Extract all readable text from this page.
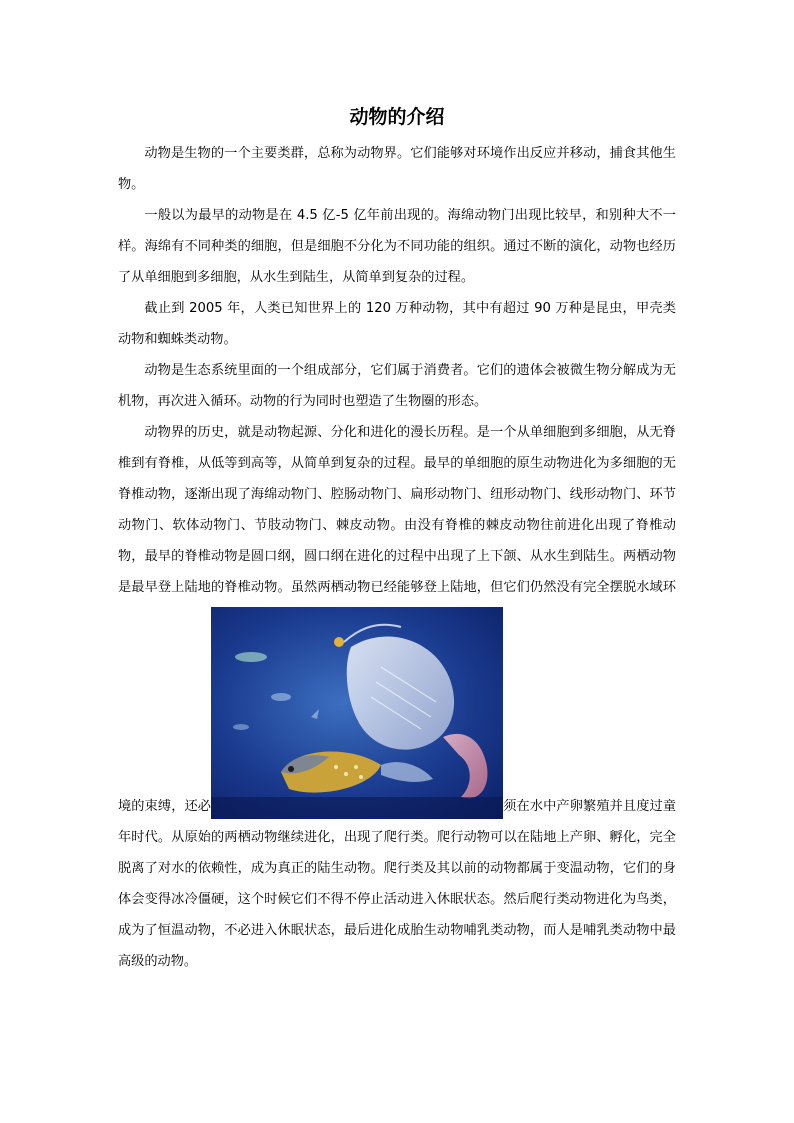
动物的介绍

动物是生物的一个主要类群，总称为动物界。它们能够对环境作出反应并移动，捕食其他生物。

一般以为最早的动物是在 4.5 亿-5 亿年前出现的。海绵动物门出现比较早，和别种大不一样。海绵有不同种类的细胞，但是细胞不分化为不同功能的组织。通过不断的演化，动物也经历了从单细胞到多细胞，从水生到陆生，从简单到复杂的过程。

截止到 2005 年，人类已知世界上的 120 万种动物，其中有超过 90 万种是昆虫，甲壳类动物和蜘蛛类动物。

动物是生态系统里面的一个组成部分，它们属于消费者。它们的遗体会被微生物分解成为无机物，再次进入循环。动物的行为同时也塑造了生物圈的形态。

动物界的历史，就是动物起源、分化和进化的漫长历程。是一个从单细胞到多细胞，从无脊椎到有脊椎，从低等到高等，从简单到复杂的过程。最早的单细胞的原生动物进化为多细胞的无脊椎动物，逐渐出现了海绵动物门、腔肠动物门、扁形动物门、纽形动物门、线形动物门、环节动物门、软体动物门、节肢动物门、棘皮动物。由没有脊椎的棘皮动物往前进化出现了脊椎动物，最早的脊椎动物是圆口纲，圆口纲在进化的过程中出现了上下颌、从水生到陆生。两栖动物是最早登上陆地的脊椎动物。虽然两栖动物已经能够登上陆地，但它们仍然没有完全摆脱水域环境的束缚，还必	须在水中产卵繁殖并且度过童年时代。从原始的两栖动物继续进化，出现了爬行类。爬行动物可以在陆地上产卵、孵化，完全脱离了对水的依赖性，成为真正的陆生动物。爬行类及其以前的动物都属于变温动物，它们的身体会变得冰冷僵硬，这个时候它们不得不停止活动进入休眠状态。然后爬行类动物进化为鸟类，成为了恒温动物，不必进入休眠状态，最后进化成胎生动物哺乳类动物，而人是哺乳类动物中最高级的动物。
